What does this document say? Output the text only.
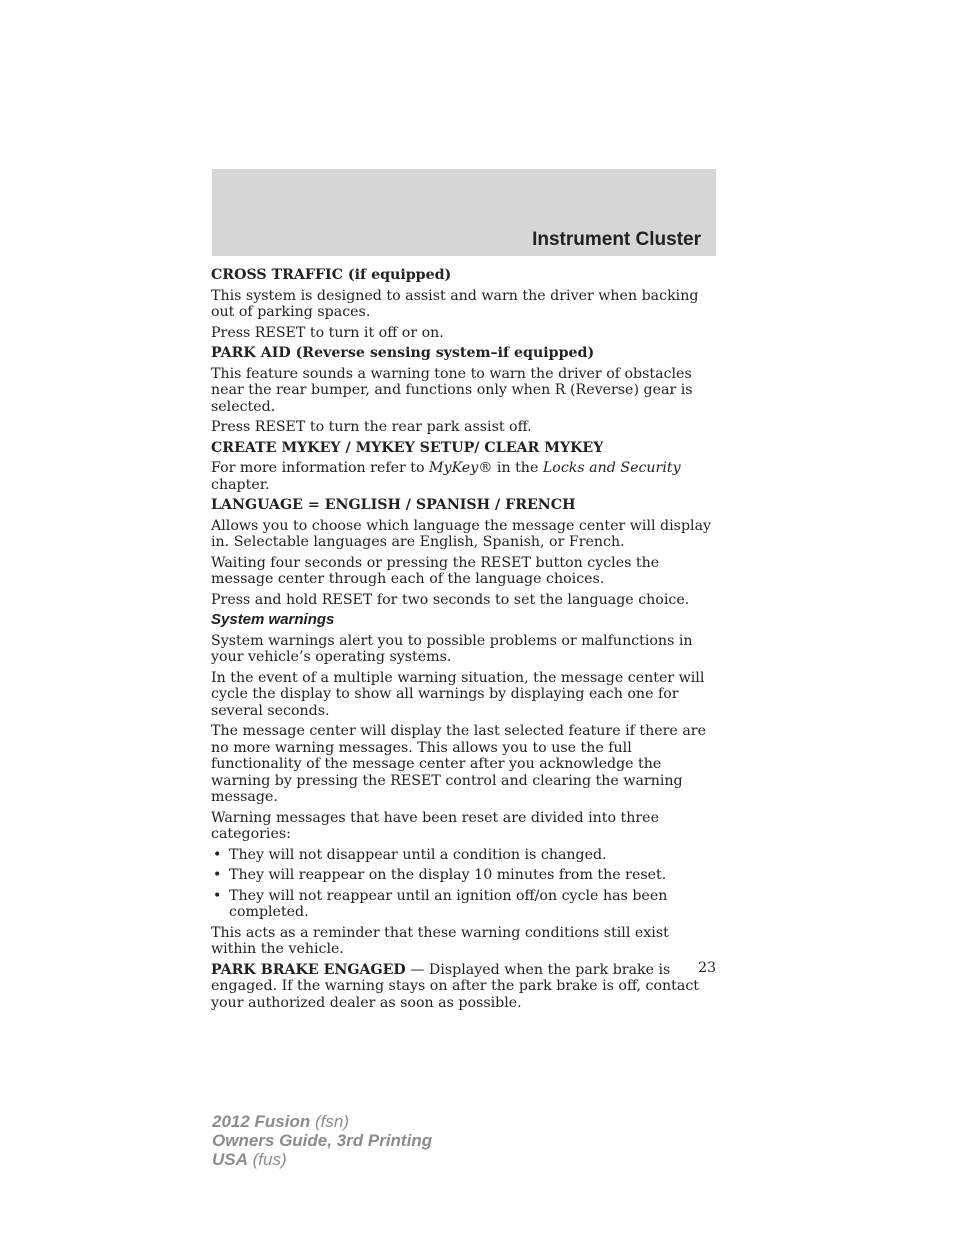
Instrument Cluster
CROSS TRAFFIC (if equipped)

This system is designed to assist and warn the driver when backing out of parking spaces.

Press RESET to turn it off or on.

PARK AID (Reverse sensing system–if equipped)

This feature sounds a warning tone to warn the driver of obstacles near the rear bumper, and functions only when R (Reverse) gear is selected.

Press RESET to turn the rear park assist off.

CREATE MYKEY / MYKEY SETUP/ CLEAR MYKEY

For more information refer to MyKey® in the Locks and Security chapter.

LANGUAGE = ENGLISH / SPANISH / FRENCH

Allows you to choose which language the message center will display in. Selectable languages are English, Spanish, or French.

Waiting four seconds or pressing the RESET button cycles the message center through each of the language choices.

Press and hold RESET for two seconds to set the language choice.

System warnings

System warnings alert you to possible problems or malfunctions in your vehicle’s operating systems.

In the event of a multiple warning situation, the message center will cycle the display to show all warnings by displaying each one for several seconds.

The message center will display the last selected feature if there are no more warning messages. This allows you to use the full functionality of the message center after you acknowledge the warning by pressing the RESET control and clearing the warning message.

Warning messages that have been reset are divided into three categories:

• They will not disappear until a condition is changed.
• They will reappear on the display 10 minutes from the reset.
• They will not reappear until an ignition off/on cycle has been completed.

This acts as a reminder that these warning conditions still exist within the vehicle.

PARK BRAKE ENGAGED — Displayed when the park brake is engaged. If the warning stays on after the park brake is off, contact your authorized dealer as soon as possible.

23
2012 Fusion (fsn)
Owners Guide, 3rd Printing
USA (fus)
